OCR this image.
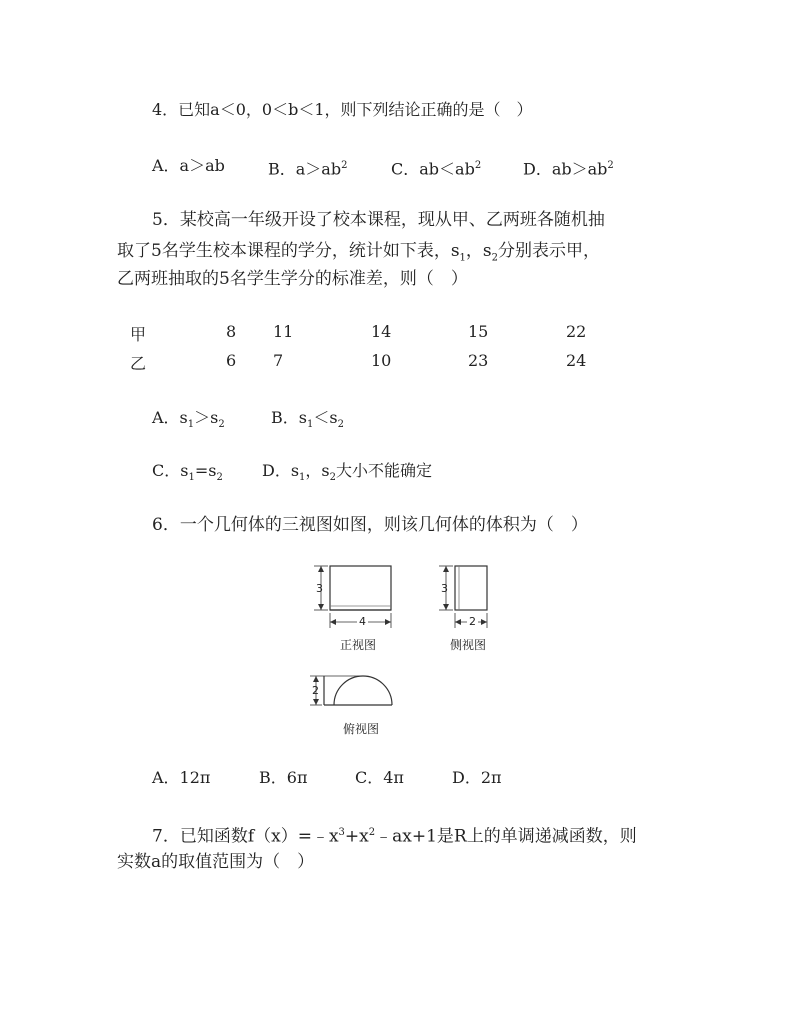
4．已知a＜0，0＜b＜1，则下列结论正确的是（　）
A．a＞ab	B．$a>ab^2$	C．$ab<ab^2$	D．$ab>ab^2$
5．某校高一年级开设了校本课程，现从甲、乙两班各随机抽
取了5名学生校本课程的学分，统计如下表，$s_1$，$s_2$分别表示甲，
乙两班抽取的5名学生学分的标准差，则（　）
甲	8 11	14	15	22
乙	6 7	10	23	24
A．$s_1>s_2$	B．$s_1<s_2$
C．$s_1=s_2$ D．$s_1$，$s_2$大小不能确定
6．一个几何体的三视图如图，则该几何体的体积为（　）
3
4
正视图
3
2
侧视图
2
俯视图
A．12π	B．6π	C．4π	D．2π
7．已知函数$f(x)=﹣x^3+x^2﹣ax+1$是R上的单调递减函数，则
实数a的取值范围为（　）
